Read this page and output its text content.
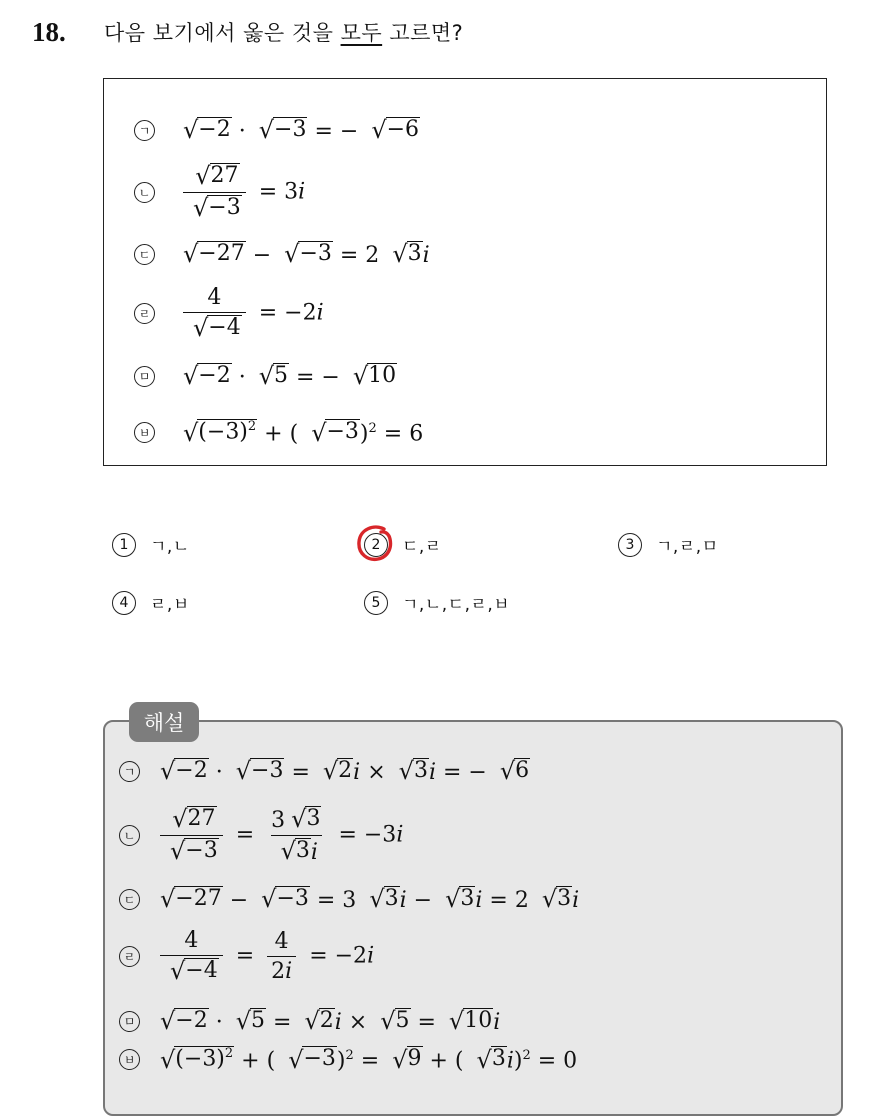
18.	다음 보기에서 옳은 것을 모두 고르면?
ㄱ √ −2 · √ −3 = − √ −6
ㄴ $\frac{√ 27}{√ -3} = 3i$
ㄷ √ −27 − √ −3 = 2 √ 3 i
ㄹ $\frac{4}{√ -4} = -2i$
ㅁ √ −2 · √ 5 = − √ 10
ㅂ √ $(-3)^2$ + ( √ −3 )$^2$ = 6
1	ㄱ,ㄴ	2	ㄷ,ㄹ	3	ㄱ,ㄹ,ㅁ
4	ㄹ,ㅂ	5	ㄱ,ㄴ,ㄷ,ㄹ,ㅂ
해설
ㄱ √ −2 · √ −3 = √ 2 i × √ 3 i = − √ 6
ㄴ $\frac{√ 27}{√ -3} = \frac{3 √ 3}{√ 3 i} = -3i$
ㄷ √ −27 − √ −3 = 3 √ 3 i − √ 3 i = 2 √ 3 i
ㄹ $\frac{4}{√ -4} = \frac{4}{2i} = -2i$
ㅁ √ −2 · √ 5 = √ 2 i × √ 5 = √ 10 i
ㅂ √ $(-3)^2$ + ( √ −3 )$^2$ = √ 9 + ( √ 3 i)$^2$ = 0
